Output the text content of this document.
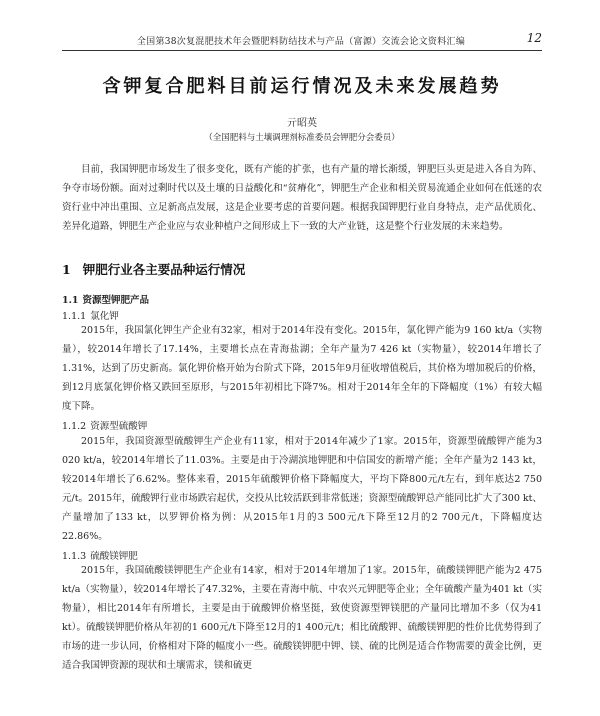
全国第38次复混肥技术年会暨肥料防结技术与产品（富源）交流会论文资料汇编	12
含钾复合肥料目前运行情况及未来发展趋势
亓昭英
（全国肥料与土壤调理剂标准委员会钾肥分会委员）

目前，我国钾肥市场发生了很多变化，既有产能的扩张，也有产量的增长渐缓，钾肥巨头更是进入各自为阵、争夺市场份额。面对过剩时代以及土壤的日益酸化和“贫瘠化”，钾肥生产企业和相关贸易流通企业如何在低迷的农资行业中冲出重围、立足新高点发展，这是企业要考虑的首要问题。根据我国钾肥行业自身特点，走产品优质化、差异化道路，钾肥生产企业应与农业种植户之间形成上下一致的大产业链，这是整个行业发展的未来趋势。

1 钾肥行业各主要品种运行情况
1.1 资源型钾肥产品
1.1.1 氯化钾

2015年，我国氯化钾生产企业有32家，相对于2014年没有变化。2015年，氯化钾产能为9 160 kt/a（实物量），较2014年增长了17.14%，主要增长点在青海盐湖；全年产量为7 426 kt（实物量），较2014年增长了1.31%，达到了历史新高。氯化钾价格开始为台阶式下降，2015年9月征收增值税后，其价格为增加税后的价格，到12月底氯化钾价格又跌回至原形，与2015年初相比下降7%。相对于2014年全年的下降幅度（1%）有较大幅度下降。

1.1.2 资源型硫酸钾

2015年，我国资源型硫酸钾生产企业有11家，相对于2014年减少了1家。2015年，资源型硫酸钾产能为3 020 kt/a，较2014年增长了11.03%。主要是由于冷湖滨地钾肥和中信国安的新增产能；全年产量为2 143 kt，较2014年增长了6.62%。整体来看，2015年硫酸钾价格下降幅度大，平均下降800元/t左右，到年底达2 750元/t。2015年，硫酸钾行业市场跌宕起伏，交投从比较活跃到非常低迷；资源型硫酸钾总产能同比扩大了300 kt、产量增加了133 kt，以罗钾价格为例：从2015年1月的3 500元/t下降至12月的2 700元/t，下降幅度达22.86%。

1.1.3 硫酸镁钾肥

2015年，我国硫酸镁钾肥生产企业有14家，相对于2014年增加了1家。2015年，硫酸镁钾肥产能为2 475 kt/a（实物量），较2014年增长了47.32%，主要在青海中航、中农兴元钾肥等企业；全年硫酸产量为401 kt（实物量），相比2014年有所增长，主要是由于硫酸钾价格坚挺，致使资源型钾镁肥的产量同比增加不多（仅为41 kt）。硫酸镁钾肥价格从年初的1 600元/t下降至12月的1 400元/t；相比硫酸钾、硫酸镁钾肥的性价比优势得到了市场的进一步认同，价格相对下降的幅度小一些。硫酸镁钾肥中钾、镁、硫的比例是适合作物需要的黄金比例，更适合我国钾资源的现状和土壤需求，镁和硫更
